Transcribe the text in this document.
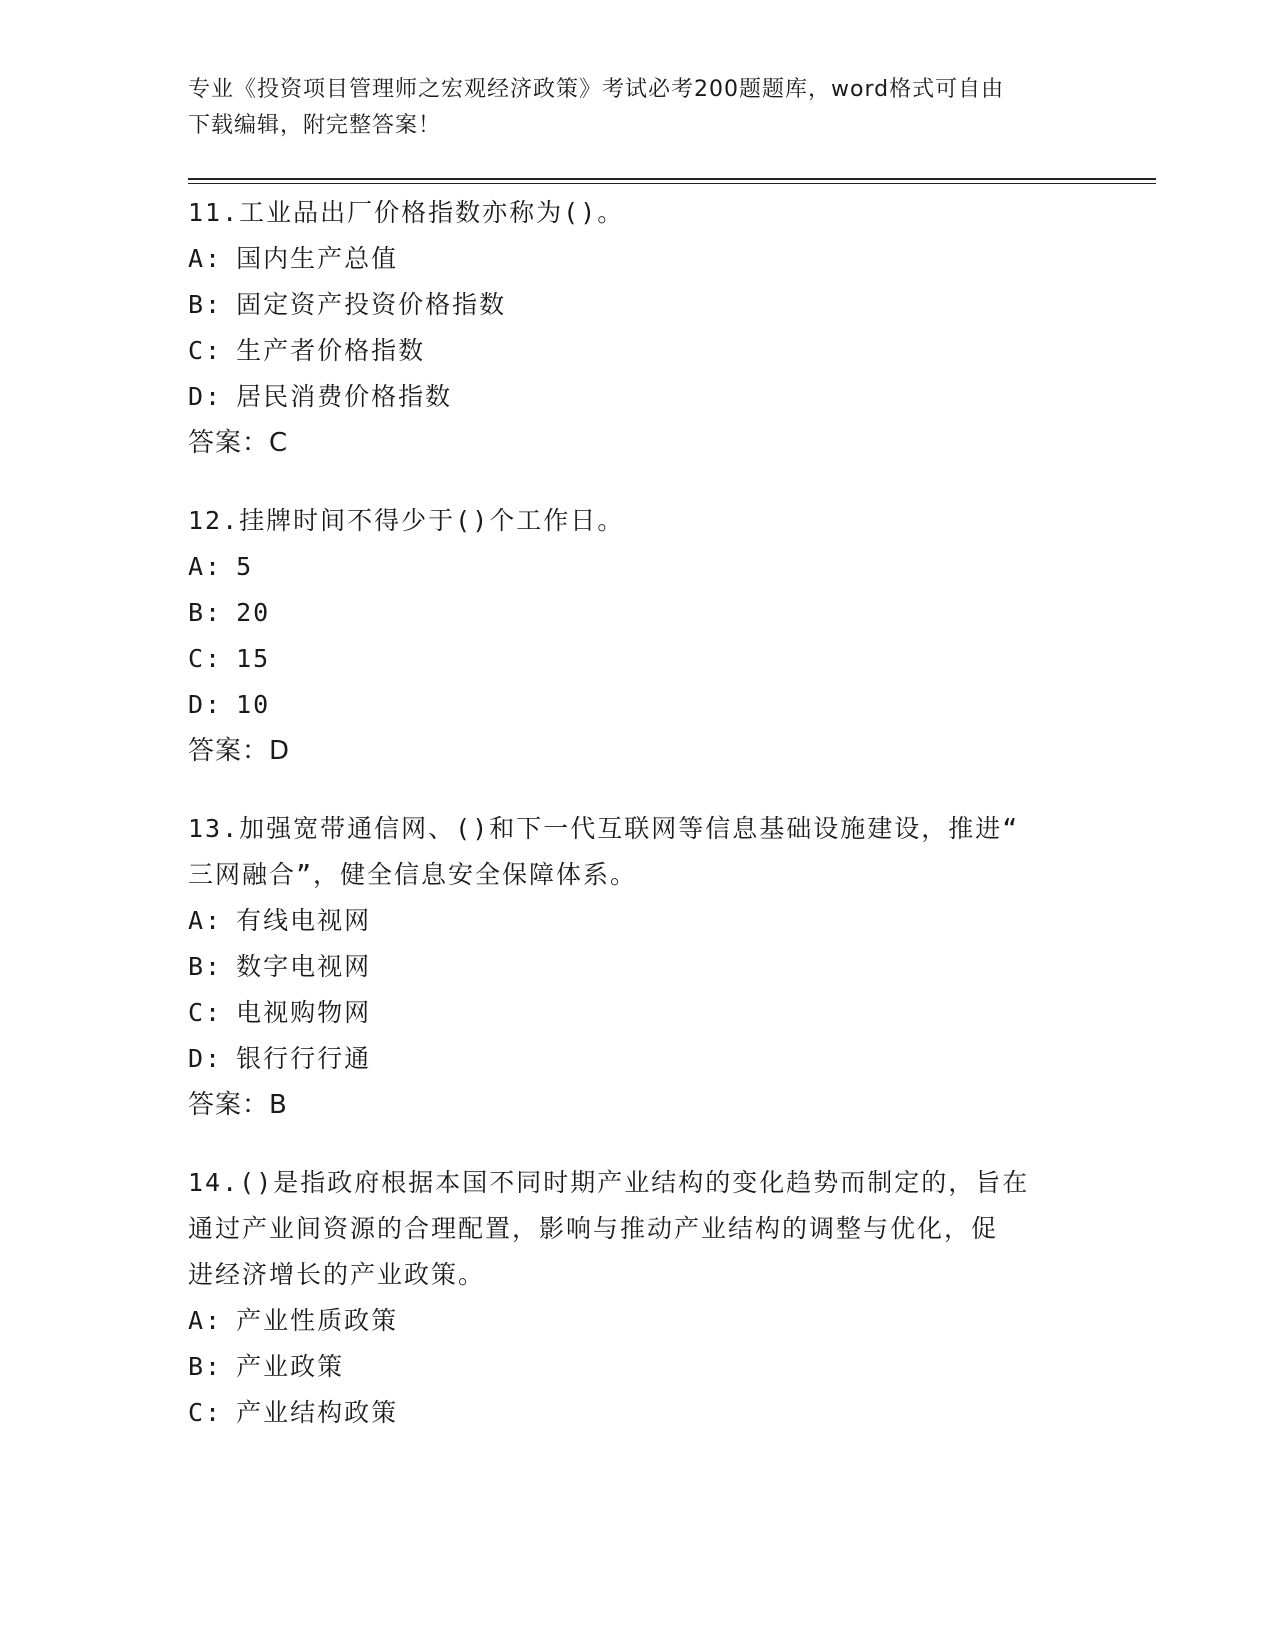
专业《投资项目管理师之宏观经济政策》考试必考200题题库，word格式可自由
下载编辑，附完整答案！
11.工业品出厂价格指数亦称为()。
A: 国内生产总值
B: 固定资产投资价格指数
C: 生产者价格指数
D: 居民消费价格指数
答案：C
12.挂牌时间不得少于()个工作日。
A: 5
B: 20
C: 15
D: 10
答案：D
13.加强宽带通信网、()和下一代互联网等信息基础设施建设，推进“
三网融合”，健全信息安全保障体系。
A: 有线电视网
B: 数字电视网
C: 电视购物网
D: 银行行行通
答案：B
14.()是指政府根据本国不同时期产业结构的变化趋势而制定的，旨在
通过产业间资源的合理配置，影响与推动产业结构的调整与优化，促
进经济增长的产业政策。
A: 产业性质政策
B: 产业政策
C: 产业结构政策
